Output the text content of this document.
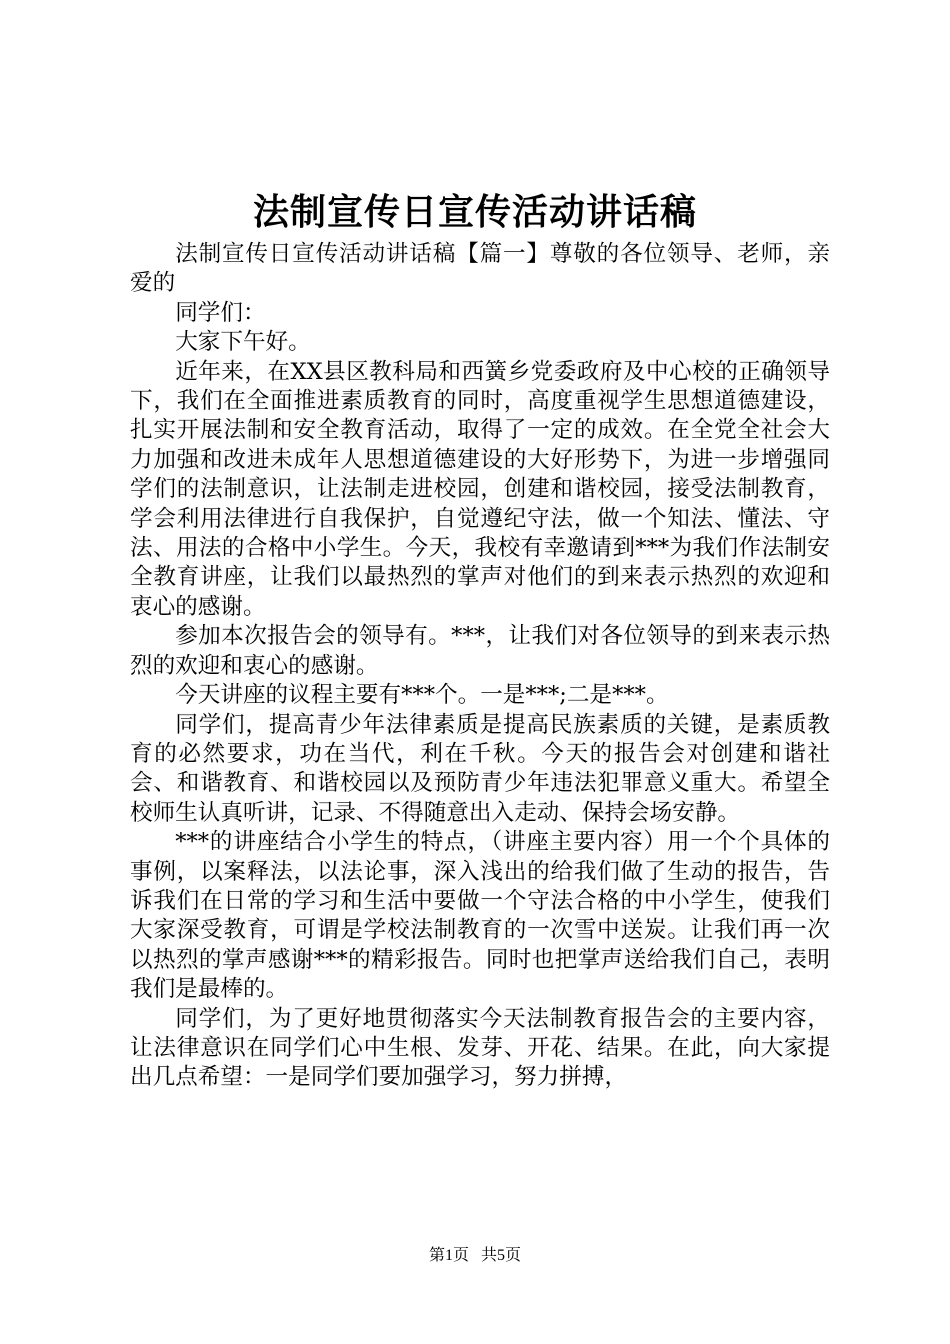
法制宣传日宣传活动讲话稿

法制宣传日宣传活动讲话稿【篇一】尊敬的各位领导、老师，亲爱的

同学们：

大家下午好。

近年来，在XX县区教科局和西簧乡党委政府及中心校的正确领导下，我们在全面推进素质教育的同时，高度重视学生思想道德建设，扎实开展法制和安全教育活动，取得了一定的成效。在全党全社会大力加强和改进未成年人思想道德建设的大好形势下，为进一步增强同学们的法制意识，让法制走进校园，创建和谐校园，接受法制教育，学会利用法律进行自我保护，自觉遵纪守法，做一个知法、懂法、守法、用法的合格中小学生。今天，我校有幸邀请到***为我们作法制安全教育讲座，让我们以最热烈的掌声对他们的到来表示热烈的欢迎和衷心的感谢。

参加本次报告会的领导有。***，让我们对各位领导的到来表示热烈的欢迎和衷心的感谢。

今天讲座的议程主要有***个。一是***;二是***。

同学们，提高青少年法律素质是提高民族素质的关键，是素质教育的必然要求，功在当代，利在千秋。今天的报告会对创建和谐社会、和谐教育、和谐校园以及预防青少年违法犯罪意义重大。希望全校师生认真听讲，记录、不得随意出入走动、保持会场安静。

***的讲座结合小学生的特点，（讲座主要内容）用一个个具体的事例，以案释法，以法论事，深入浅出的给我们做了生动的报告，告诉我们在日常的学习和生活中要做一个守法合格的中小学生，使我们大家深受教育，可谓是学校法制教育的一次雪中送炭。让我们再一次以热烈的掌声感谢***的精彩报告。同时也把掌声送给我们自己，表明我们是最棒的。

同学们，为了更好地贯彻落实今天法制教育报告会的主要内容，让法律意识在同学们心中生根、发芽、开花、结果。在此，向大家提出几点希望：一是同学们要加强学习，努力拼搏，

第1页 共5页
